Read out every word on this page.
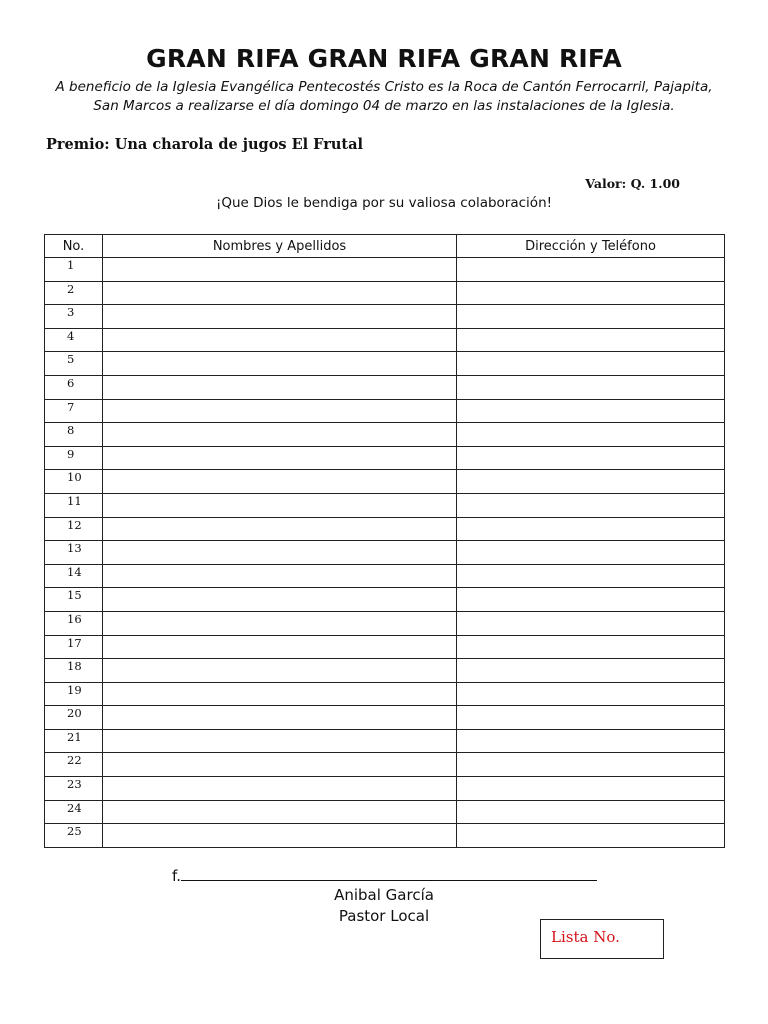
GRAN RIFA GRAN RIFA GRAN RIFA
A beneficio de la Iglesia Evangélica Pentecostés Cristo es la Roca de Cantón Ferrocarril, Pajapita, San Marcos a realizarse el día domingo 04 de marzo en las instalaciones de la Iglesia.
Premio: Una charola de jugos El Frutal
Valor: Q. 1.00
¡Que Dios le bendiga por su valiosa colaboración!
No.	Nombres y Apellidos	Dirección y Teléfono
1		
2		
3		
4		
5		
6		
7		
8		
9		
10		
11		
12		
13		
14		
15		
16		
17		
18		
19		
20		
21		
22		
23		
24		
25		
f.
Anibal García
Pastor Local
Lista No.
